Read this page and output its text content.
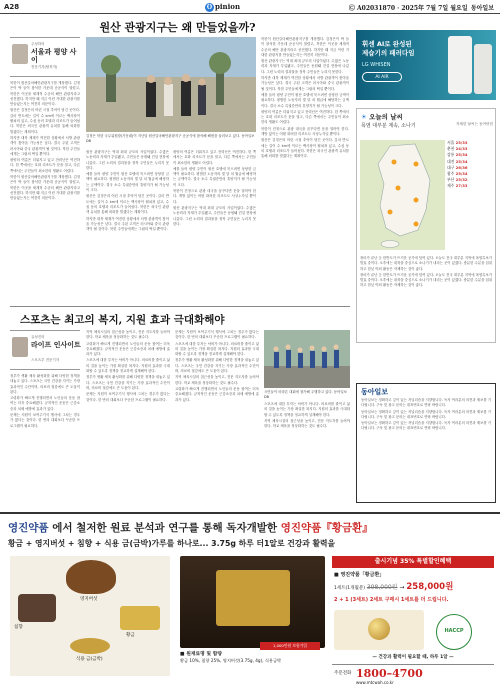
A28	O pinion	Ⓒ A02031870 · 2025年 7월 7일 월요일 동아일보
원산 관광지구는 왜 만들었을까?
주성하의
서울과 평양 사이
전문기자(탈북자)

북한이 원산갈마해안관광지구를 개장했다. 김정은이 딱 들이 참석한 가운데 준공식이 열렸고, 북한은 이곳을 세계적 수준의 해안 관광지라고 선전했다. 하지만 왜 지금 이런 거대한 관광지를 만들었는지는 여전히 의문이다.

원산은 김정은의 어린 시절 추억이 담긴 곳이다. 갈마 반도에는 길이 수 km에 이르는 백사장이 펼쳐져 있고, 수십 동의 호텔과 리조트가 들어섰다. 북한은 외국인 관광객 유치를 통해 외화를 벌겠다는 계획이다.

하지만 대북 제재가 여전한 상황에서 서방 관광객이 찾아올 가능성은 낮다. 결국 주된 고객은 러시아와 중국 관광객이 될 것이다. 북한 주민들에게는 그림의 떡일 뿐이다.

평양의 여름은 더워지고 있고 전력난은 여전하다. 한 쪽에서는 호화 리조트가 문을 열고, 다른 쪽에서는 주민들이 최소한의 생활도 어렵다.

북한이 원산갈마해안관광지구를 개장했다. 김정은이 딱 들이 참석한 가운데 준공식이 열렸고, 북한은 이곳을 세계적 수준의 해안 관광지라고 선전했다. 하지만 왜 지금 이런 거대한 관광지를 만들었는지는 여전히 의문이다.

김정은 북한 국무위원장(가운데)이 지난달 원산갈마해안관광지구 준공식에 참석해 해변을 둘러보고 있다. 동아일보DB

원산 관광지구는 역대 최대 규모의 사업이었다. 수많은 노동력과 자재가 투입됐고, 주민들은 동원돼 건설 현장에 나갔다. 그런 노력의 결과물을 정작 주민들은 누리지 못한다.

예를 들어 평양 주민이 원산 호텔에 묵으려면 상당한 금액이 필요하다. 평범한 노동자의 몇 달 치 월급에 해당하는 금액이다. 결국 소수 특권층만의 휴양지가 될 가능성이 크다.

원산은 김정은의 어린 시절 추억이 담긴 곳이다. 갈마 반도에는 길이 수 km에 이르는 백사장이 펼쳐져 있고, 수십 동의 호텔과 리조트가 들어섰다. 북한은 외국인 관광객 유치를 통해 외화를 벌겠다는 계획이다.

하지만 대북 제재가 여전한 상황에서 서방 관광객이 찾아올 가능성은 낮다. 결국 주된 고객은 러시아와 중국 관광객이 될 것이다. 북한 주민들에게는 그림의 떡일 뿐이다.

평양의 여름은 더워지고 있고 전력난은 여전하다. 한 쪽에서는 호화 리조트가 문을 열고, 다른 쪽에서는 주민들이 최소한의 생활도 어렵다.

예를 들어 평양 주민이 원산 호텔에 묵으려면 상당한 금액이 필요하다. 평범한 노동자의 몇 달 치 월급에 해당하는 금액이다. 결국 소수 특권층만의 휴양지가 될 가능성이 크다.

북한이 진정으로 관광 대국을 꿈꾸다면 문을 열어야 한다. 개방 없이는 어떤 화려한 리조트도 사상누각일 뿐이다.

원산 관광지구는 역대 최대 규모의 사업이었다. 수많은 노동력과 자재가 투입됐고, 주민들은 동원돼 건설 현장에 나갔다. 그런 노력의 결과물을 정작 주민들은 누리지 못한다.

북한이 원산갈마해안관광지구를 개장했다. 김정은이 딱 들이 참석한 가운데 준공식이 열렸고, 북한은 이곳을 세계적 수준의 해안 관광지라고 선전했다. 하지만 왜 지금 이런 거대한 관광지를 만들었는지는 여전히 의문이다.

원산 관광지구는 역대 최대 규모의 사업이었다. 수많은 노동력과 자재가 투입됐고, 주민들은 동원돼 건설 현장에 나갔다. 그런 노력의 결과물을 정작 주민들은 누리지 못한다.

하지만 대북 제재가 여전한 상황에서 서방 관광객이 찾아올 가능성은 낮다. 결국 주된 고객은 러시아와 중국 관광객이 될 것이다. 북한 주민들에게는 그림의 떡일 뿐이다.

예를 들어 평양 주민이 원산 호텔에 묵으려면 상당한 금액이 필요하다. 평범한 노동자의 몇 달 치 월급에 해당하는 금액이다. 결국 소수 특권층만의 휴양지가 될 가능성이 크다.

평양의 여름은 더워지고 있고 전력난은 여전하다. 한 쪽에서는 호화 리조트가 문을 열고, 다른 쪽에서는 주민들이 최소한의 생활도 어렵다.

북한이 진정으로 관광 대국을 꿈꾸다면 문을 열어야 한다. 개방 없이는 어떤 화려한 리조트도 사상누각일 뿐이다.

원산은 김정은의 어린 시절 추억이 담긴 곳이다. 갈마 반도에는 길이 수 km에 이르는 백사장이 펼쳐져 있고, 수십 동의 호텔과 리조트가 들어섰다. 북한은 외국인 관광객 유치를 통해 외화를 벌겠다는 계획이다.

스포츠는 최고의 복지, 지원 효과 극대화해야
유성진의
라이프 인사이트
스포츠부 전문기자

정부가 생활 체육 활성화를 위해 다양한 정책을 내놓고 있다. 스포츠는 국민 건강을 지키는 가장 효과적인 수단이며, 의료비 절감에도 큰 도움이 된다.

고령화가 빠르게 진행되면서 노인들의 운동 참여는 더욱 중요해졌다. 규칙적인 운동은 근감소증과 치매 예방에 효과가 있다.

문제는 지원이 보여주기식 행사에 그치는 경우가 많다는 것이다. 한 번의 대회보다 꾸준한 프로그램이 필요하다.

지역 체육시설의 접근성을 높이고, 전문 지도자를 늘려야 한다. 학교 체육을 정상화하는 것도 필수다.

고령화가 빠르게 진행되면서 노인들의 운동 참여는 더욱 중요해졌다. 규칙적인 운동은 근감소증과 치매 예방에 효과가 있다.

스포츠에 대한 투자는 낙비가 아니다. 의료비를 줄이고 삶의 질을 높이는 가장 확실한 복지다. 지원의 효과를 극대화할 수 있도록 정책을 정교하게 설계해야 한다.

정부가 생활 체육 활성화를 위해 다양한 정책을 내놓고 있다. 스포츠는 국민 건강을 지키는 가장 효과적인 수단이며, 의료비 절감에도 큰 도움이 된다.

문제는 지원이 보여주기식 행사에 그치는 경우가 많다는 것이다. 한 번의 대회보다 꾸준한 프로그램이 필요하다.

문제는 지원이 보여주기식 행사에 그치는 경우가 많다는 것이다. 한 번의 대회보다 꾸준한 프로그램이 필요하다.

스포츠에 대한 투자는 낙비가 아니다. 의료비를 줄이고 삶의 질을 높이는 가장 확실한 복지다. 지원의 효과를 극대화할 수 있도록 정책을 정교하게 설계해야 한다.

정부가 생활 체육 활성화를 위해 다양한 정책을 내놓고 있다. 스포츠는 국민 건강을 지키는 가장 효과적인 수단이며, 의료비 절감에도 큰 도움이 된다.

지역 체육시설의 접근성을 높이고, 전문 지도자를 늘려야 한다. 학교 체육을 정상화하는 것도 필수다.

고령화가 빠르게 진행되면서 노인들의 운동 참여는 더욱 중요해졌다. 규칙적인 운동은 근감소증과 치매 예방에 효과가 있다.

시민들이 마라톤 대회에 참가해 주행하고 있다. 동아일보DB

스포츠에 대한 투자는 낙비가 아니다. 의료비를 줄이고 삶의 질을 높이는 가장 확실한 복지다. 지원의 효과를 극대화할 수 있도록 정책을 정교하게 설계해야 한다.

지역 체육시설의 접근성을 높이고, 전문 지도자를 늘려야 한다. 학교 체육을 정상화하는 것도 필수다.

휘센 AI로 완성된
제습기의 패러다임
LG WHISEN
AI AIR
☀ 오늘의 날씨
폭염 대부분 계속, 소나기	자세한 날씨는 동아닷컴
서울 25/33
춘천 24/33
강릉 25/34
대전 25/34
대구 26/36
광주 25/34
부산 25/32
제주 27/33

장마가 끝난 듯 한반도가 뜨거운 공기에 덮여 있다. 오늘도 전국 대부분 지역에 폭염특보가 발효 중이다. 오후에는 내륙을 중심으로 소나기가 내리는 곳이 있겠다. 충분한 수분을 섭취하고 한낮 야외 활동은 자제하는 것이 좋다.

장마가 끝난 듯 한반도가 뜨거운 공기에 덮여 있다. 오늘도 전국 대부분 지역에 폭염특보가 발효 중이다. 오후에는 내륙을 중심으로 소나기가 내리는 곳이 있겠다. 충분한 수분을 섭취하고 한낮 야외 활동은 자제하는 것이 좋다.

동아일보

동아일보는 정확하고 깊이 있는 저널리즘을 지향합니다. 독자 여러분의 의견과 제보를 기다립니다. 구독 및 광고 문의는 대표번호로 연락 바랍니다.

동아일보는 정확하고 깊이 있는 저널리즘을 지향합니다. 독자 여러분의 의견과 제보를 기다립니다. 구독 및 광고 문의는 대표번호로 연락 바랍니다.

동아일보는 정확하고 깊이 있는 저널리즘을 지향합니다. 독자 여러분의 의견과 제보를 기다립니다. 구독 및 광고 문의는 대표번호로 연락 바랍니다.

영진약품 에서 철저한 원료 분석과 연구를 통해 독자개발한 영진약품『황금환』
황금 + 영지버섯 + 침향 + 식용 금(금박)가루를 하나로... 3.75g 하루 터1알로 건강과 활력을
침향
영지버섯
황금
식용 금(금박)
■ 원재료명 및 함량
황금 10%, 침향 25%, 영지버섯(3.75g, 4g), 식용금박
1,000만원 보험가입
출시기념 35% 특별할인혜택
■ 영진약품「황금환」
1세트(1개월분) 398,000원 → 258,000원
2 + 1 (3세트) 2세트 구매시 1세트를 더 드립니다.
HACCP
— 건강과 활력이 필요할 때, 하루 1알 —
주문전화 1800–4700
www.mtcwah.co.kr
